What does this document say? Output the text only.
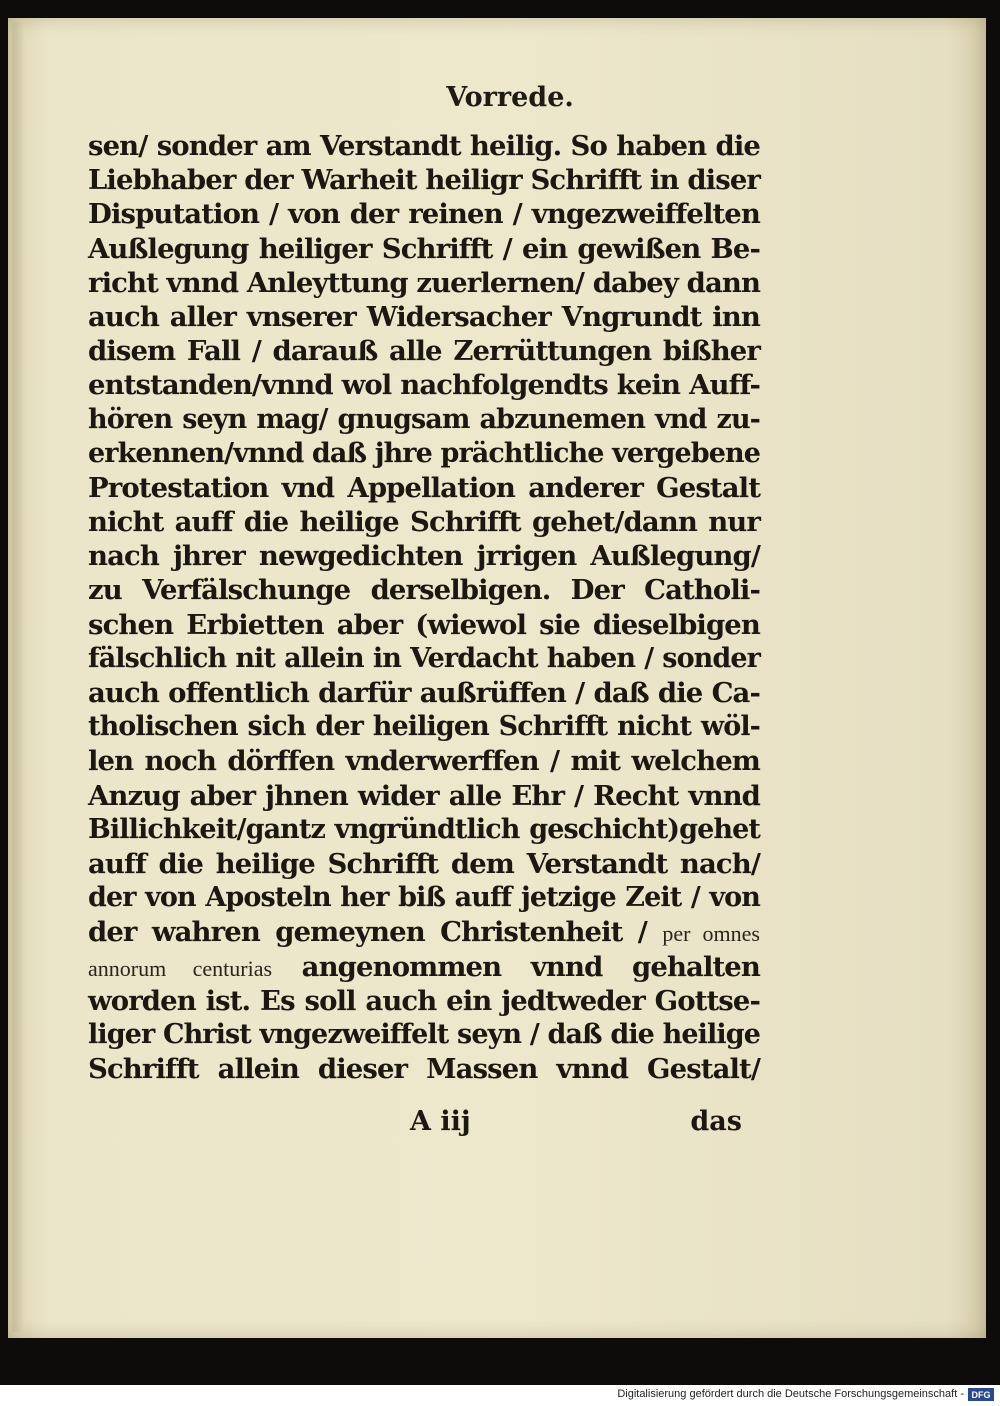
Vorrede.
sen/ sonder am Verstandt heilig. So haben die
Liebhaber der Warheit heiligr Schrifft in diser
Disputation / von der reinen / vngezweiffelten
Außlegung heiliger Schrifft / ein gewißen Be-
richt vnnd Anleyttung zuerlernen/ dabey dann
auch aller vnserer Widersacher Vngrundt inn
disem Fall / darauß alle Zerrüttungen bißher
entstanden/vnnd wol nachfolgendts kein Auff-
hören seyn mag/ gnugsam abzunemen vnd zu-
erkennen/vnnd daß jhre prächtliche vergebene
Protestation vnd Appellation anderer Gestalt
nicht auff die heilige Schrifft gehet/dann nur
nach jhrer newgedichten jrrigen Außlegung/
zu Verfälschunge derselbigen. Der Catholi-
schen Erbietten aber (wiewol sie dieselbigen
fälschlich nit allein in Verdacht haben / sonder
auch offentlich darfür außrüffen / daß die Ca-
tholischen sich der heiligen Schrifft nicht wöl-
len noch dörffen vnderwerffen / mit welchem
Anzug aber jhnen wider alle Ehr / Recht vnnd
Billichkeit/gantz vngründtlich geschicht)gehet
auff die heilige Schrifft dem Verstandt nach/
der von Aposteln her biß auff jetzige Zeit / von
der wahren gemeynen Christenheit / per omnes
annorum centurias angenommen vnnd gehalten
worden ist. Es soll auch ein jedtweder Gottse-
liger Christ vngezweiffelt seyn / daß die heilige
Schrifft allein dieser Massen vnnd Gestalt/
A iij	das
Digitalisierung gefördert durch die Deutsche Forschungsgemeinschaft - DFG
